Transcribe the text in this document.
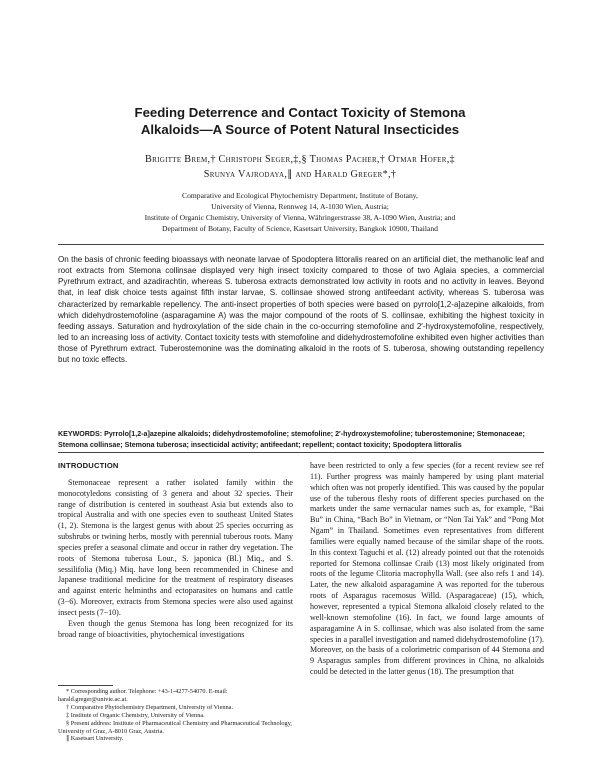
Feeding Deterrence and Contact Toxicity of Stemona
Alkaloids—A Source of Potent Natural Insecticides
Brigitte Brem,† Christoph Seger,‡,§ Thomas Pacher,† Otmar Hofer,‡
Srunya Vajrodaya,∥ and Harald Greger*,†
Comparative and Ecological Phytochemistry Department, Institute of Botany,
University of Vienna, Rennweg 14, A-1030 Wien, Austria;
Institute of Organic Chemistry, University of Vienna, Währingerstrasse 38, A-1090 Wien, Austria; and
Department of Botany, Faculty of Science, Kasetsart University, Bangkok 10900, Thailand
On the basis of chronic feeding bioassays with neonate larvae of Spodoptera littoralis reared on an artificial diet, the methanolic leaf and root extracts from Stemona collinsae displayed very high insect toxicity compared to those of two Aglaia species, a commercial Pyrethrum extract, and azadirachtin, whereas S. tuberosa extracts demonstrated low activity in roots and no activity in leaves. Beyond that, in leaf disk choice tests against fifth instar larvae, S. collinsae showed strong antifeedant activity, whereas S. tuberosa was characterized by remarkable repellency. The anti-insect properties of both species were based on pyrrolo[1,2-a]azepine alkaloids, from which didehydrostemofoline (asparagamine A) was the major compound of the roots of S. collinsae, exhibiting the highest toxicity in feeding assays. Saturation and hydroxylation of the side chain in the co-occurring stemofoline and 2′-hydroxystemofoline, respectively, led to an increasing loss of activity. Contact toxicity tests with stemofoline and didehydrostemofoline exhibited even higher activities than those of Pyrethrum extract. Tuberostemonine was the dominating alkaloid in the roots of S. tuberosa, showing outstanding repellency but no toxic effects.
KEYWORDS: Pyrrolo[1,2-a]azepine alkaloids; didehydrostemofoline; stemofoline; 2′-hydroxystemofoline; tuberostemonine; Stemonaceae; Stemona collinsae; Stemona tuberosa; insecticidal activity; antifeedant; repellent; contact toxicity; Spodoptera littoralis
INTRODUCTION

Stemonaceae represent a rather isolated family within the monocotyledons consisting of 3 genera and about 32 species. Their range of distribution is centered in southeast Asia but extends also to tropical Australia and with one species even to southeast United States (1, 2). Stemona is the largest genus with about 25 species occurring as subshrubs or twining herbs, mostly with perennial tuberous roots. Many species prefer a seasonal climate and occur in rather dry vegetation. The roots of Stemona tuberosa Lour., S. japonica (Bl.) Miq., and S. sessilifolia (Miq.) Miq. have long been recommended in Chinese and Japanese traditional medicine for the treatment of respiratory diseases and against enteric helminths and ectoparasites on humans and cattle (3−6). Moreover, extracts from Stemona species were also used against insect pests (7−10).

Even though the genus Stemona has long been recognized for its broad range of bioactivities, phytochemical investigations

have been restricted to only a few species (for a recent review see ref 11). Further progress was mainly hampered by using plant material which often was not properly identified. This was caused by the popular use of the tuberous fleshy roots of different species purchased on the markets under the same vernacular names such as, for example, “Bai Bu” in China, “Bach Bo” in Vietnam, or “Non Tai Yak” and “Pong Mot Ngam” in Thailand. Sometimes even representatives from different families were equally named because of the similar shape of the roots. In this context Taguchi et al. (12) already pointed out that the rotenoids reported for Stemona collinsae Craib (13) most likely originated from roots of the legume Clitoria macrophylla Wall. (see also refs 1 and 14). Later, the new alkaloid asparagamine A was reported for the tuberous roots of Asparagus racemosus Willd. (Asparagaceae) (15), which, however, represented a typical Stemona alkaloid closely related to the well-known stemofoline (16). In fact, we found large amounts of asparagamine A in S. collinsae, which was also isolated from the same species in a parallel investigation and named didehydrostemofoline (17). Moreover, on the basis of a colorimetric comparison of 44 Stemona and 9 Asparagus samples from different provinces in China, no alkaloids could be detected in the latter genus (18). The presumption that

* Corresponding author. Telephone: +43-1-4277-54070. E-mail: harald.greger@univie.ac.at.

† Comparative Phytochemistry Department, University of Vienna.

‡ Institute of Organic Chemistry, University of Vienna.

§ Present address: Institute of Pharmaceutical Chemistry and Pharmaceutical Technology, University of Graz, A-8010 Graz, Austria.

∥ Kasetsart University.
